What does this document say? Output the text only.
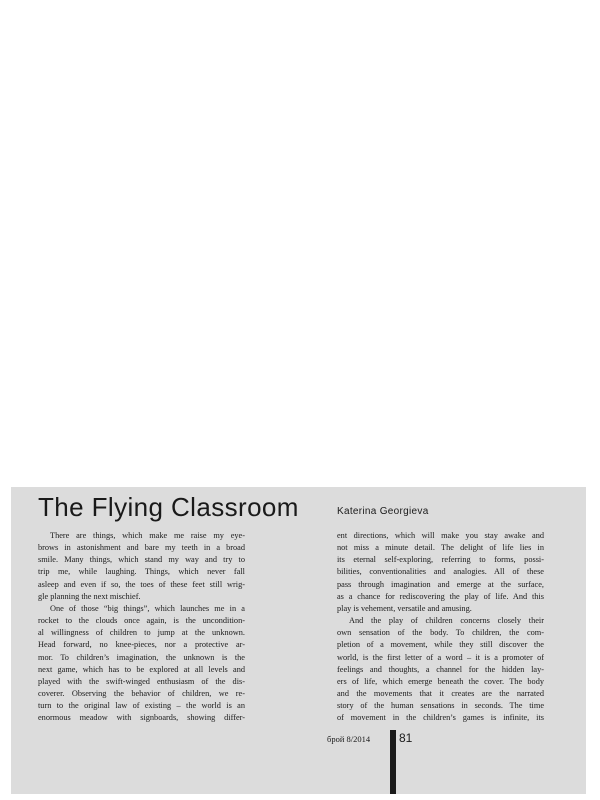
The Flying Classroom	Katerina Georgieva
There are things, which make me raise my eye-
brows in astonishment and bare my teeth in a broad
smile. Many things, which stand my way and try to
trip me, while laughing. Things, which never fall
asleep and even if so, the toes of these feet still wrig-
gle planning the next mischief.
One of those “big things”, which launches me in a
rocket to the clouds once again, is the uncondition-
al willingness of children to jump at the unknown.
Head forward, no knee-pieces, nor a protective ar-
mor. To children’s imagination, the unknown is the
next game, which has to be explored at all levels and
played with the swift-winged enthusiasm of the dis-
coverer. Observing the behavior of children, we re-
turn to the original law of existing – the world is an
enormous meadow with signboards, showing differ-
ent directions, which will make you stay awake and
not miss a minute detail. The delight of life lies in
its eternal self-exploring, referring to forms, possi-
bilities, conventionalities and analogies. All of these
pass through imagination and emerge at the surface,
as a chance for rediscovering the play of life. And this
play is vehement, versatile and amusing.
And the play of children concerns closely their
own sensation of the body. To children, the com-
pletion of a movement, while they still discover the
world, is the first letter of a word – it is a promoter of
feelings and thoughts, a channel for the hidden lay-
ers of life, which emerge beneath the cover. The body
and the movements that it creates are the narrated
story of the human sensations in seconds. The time
of movement in the children’s games is infinite, its
брой 8/2014 81
